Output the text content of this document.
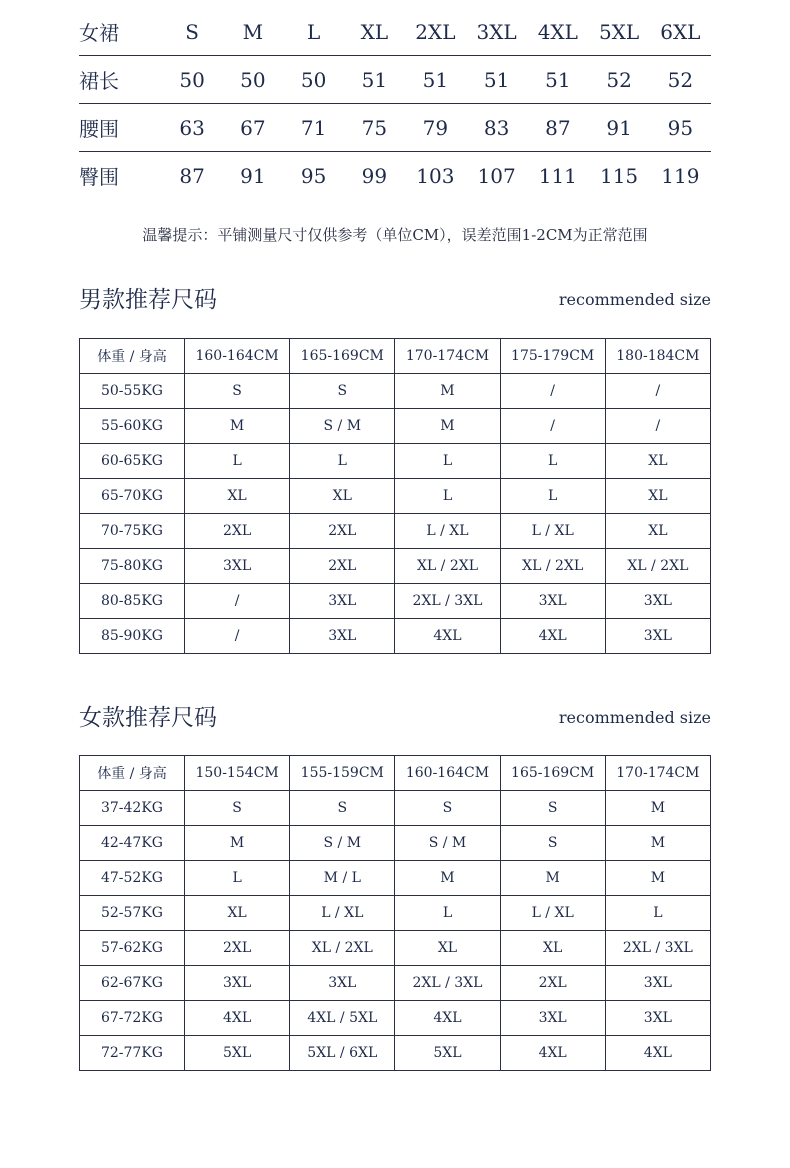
女裙	S	M	L	XL	2XL	3XL	4XL	5XL	6XL
裙长	50	50	50	51	51	51	51	52	52
腰围	63	67	71	75	79	83	87	91	95
臀围	87	91	95	99	103	107	111	115	119
温馨提示：平铺测量尺寸仅供参考（单位CM），误差范围1-2CM为正常范围
男款推荐尺码	recommended size
体重 / 身高	160-164CM	165-169CM	170-174CM	175-179CM	180-184CM
50-55KG	S	S	M	/	/
55-60KG	M	S / M	M	/	/
60-65KG	L	L	L	L	XL
65-70KG	XL	XL	L	L	XL
70-75KG	2XL	2XL	L / XL	L / XL	XL
75-80KG	3XL	2XL	XL / 2XL	XL / 2XL	XL / 2XL
80-85KG	/	3XL	2XL / 3XL	3XL	3XL
85-90KG	/	3XL	4XL	4XL	3XL
女款推荐尺码	recommended size
体重 / 身高	150-154CM	155-159CM	160-164CM	165-169CM	170-174CM
37-42KG	S	S	S	S	M
42-47KG	M	S / M	S / M	S	M
47-52KG	L	M / L	M	M	M
52-57KG	XL	L / XL	L	L / XL	L
57-62KG	2XL	XL / 2XL	XL	XL	2XL / 3XL
62-67KG	3XL	3XL	2XL / 3XL	2XL	3XL
67-72KG	4XL	4XL / 5XL	4XL	3XL	3XL
72-77KG	5XL	5XL / 6XL	5XL	4XL	4XL
